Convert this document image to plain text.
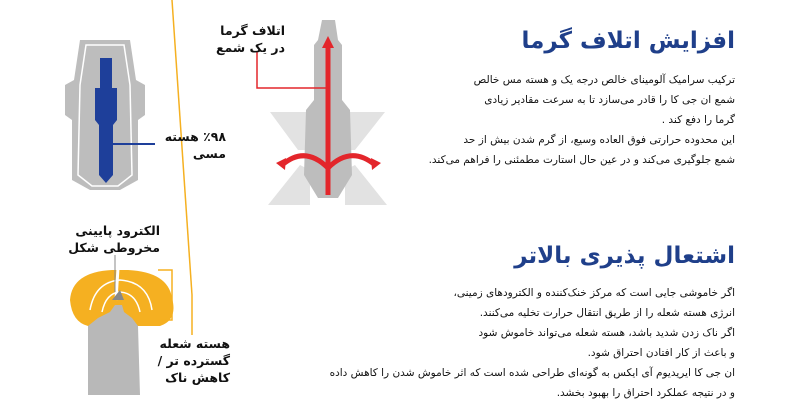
٪۹۸ هسته
مسی
اتلاف گرما
در یک شمع
الکترود پایینی
مخروطی شکل
هسته شعله
گسترده تر /
کاهش ناک
افزایش اتلاف گرما
ترکیب سرامیک آلومینای خالص درجه یک و هسته مس خالص
شمع ان جی کا را قادر می‌سازد تا به سرعت مقادیر زیادی
گرما را دفع کند .
این محدوده حرارتی فوق العاده وسیع، از گرم شدن بیش از حد
شمع جلوگیری می‌کند و در عین حال استارت مطمئنی را فراهم می‌کند.
اشتعال پذیری بالاتر
اگر خاموشی جایی است که مرکز خنک‌کننده و الکترودهای زمینی،
انرژی هسته شعله را از طریق انتقال حرارت تخلیه می‌کنند.
اگر ناک زدن شدید باشد، هسته شعله می‌تواند خاموش شود
و باعث از کار افتادن احتراق شود.
ان جی کا ایریدیوم آی ایکس به گونه‌ای طراحی شده است که اثر خاموش شدن را کاهش داده
و در نتیجه عملکرد احتراق را بهبود بخشد.
